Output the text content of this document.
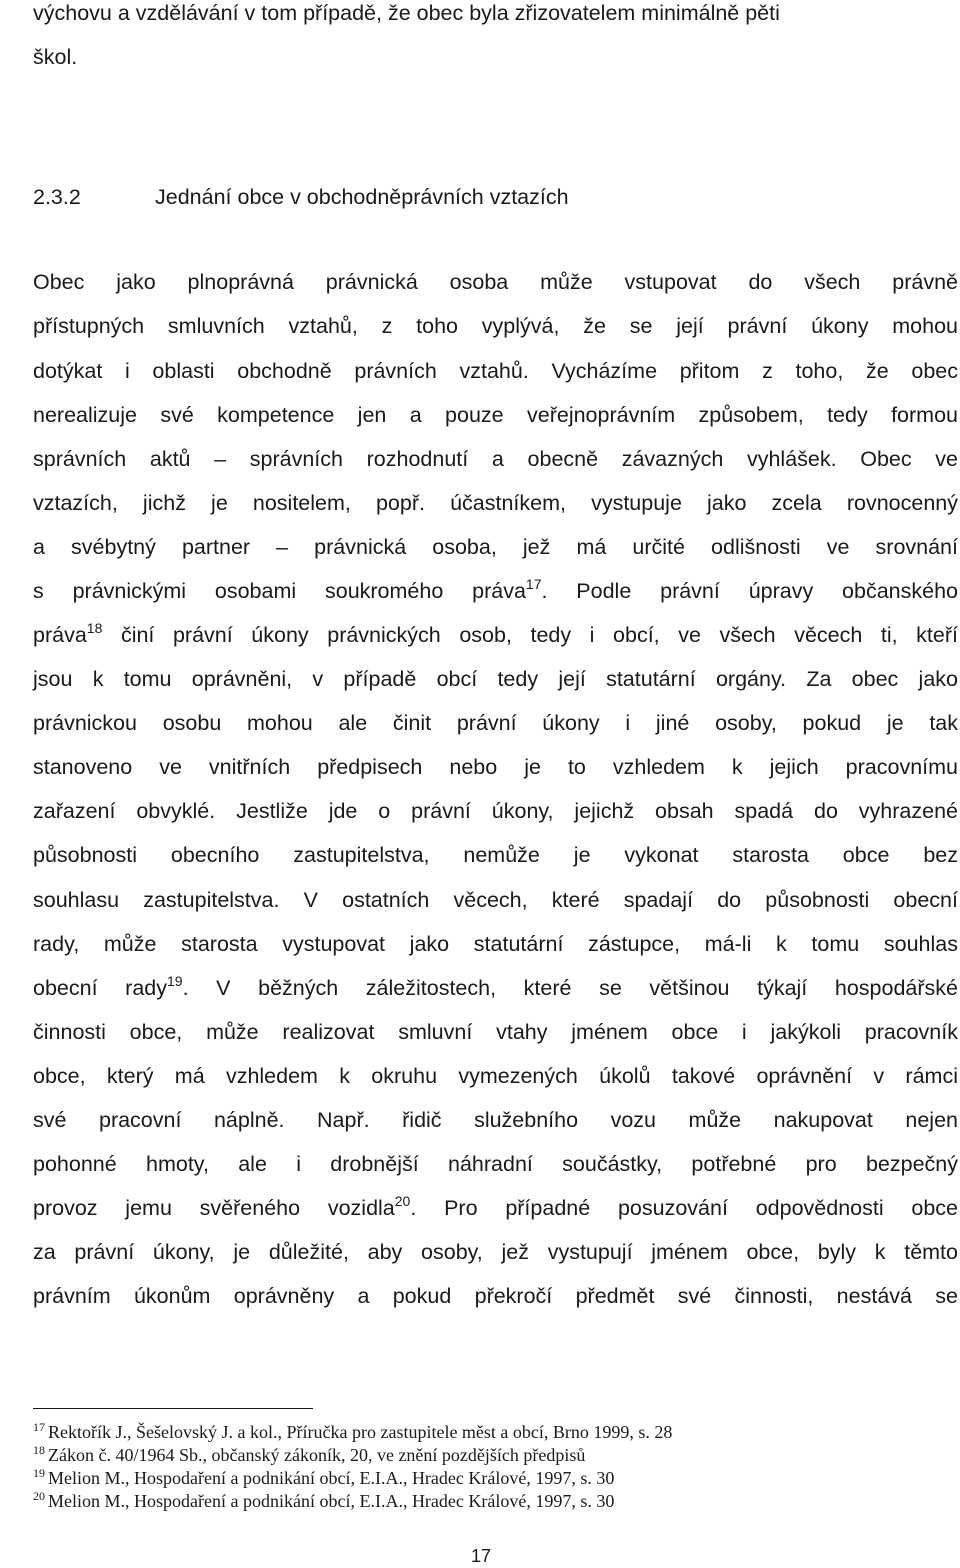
výchovu a vzdělávání v tom případě, že obec byla zřizovatelem minimálně pěti
škol.
2.3.2	Jednání obce v obchodněprávních vztazích
Obec jako plnoprávná právnická osoba může vstupovat do všech právně
přístupných smluvních vztahů, z toho vyplývá, že se její právní úkony mohou
dotýkat i oblasti obchodně právních vztahů. Vycházíme přitom z toho, že obec
nerealizuje své kompetence jen a pouze veřejnoprávním způsobem, tedy formou
správních aktů – správních rozhodnutí a obecně závazných vyhlášek. Obec ve
vztazích, jichž je nositelem, popř. účastníkem, vystupuje jako zcela rovnocenný
a svébytný partner – právnická osoba, jež má určité odlišnosti ve srovnání
s právnickými osobami soukromého práva$^{17}$. Podle právní úpravy občanského
práva$^{18}$ činí právní úkony právnických osob, tedy i obcí, ve všech věcech ti, kteří
jsou k tomu oprávněni, v případě obcí tedy její statutární orgány. Za obec jako
právnickou osobu mohou ale činit právní úkony i jiné osoby, pokud je tak
stanoveno ve vnitřních předpisech nebo je to vzhledem k jejich pracovnímu
zařazení obvyklé. Jestliže jde o právní úkony, jejichž obsah spadá do vyhrazené
působnosti obecního zastupitelstva, nemůže je vykonat starosta obce bez
souhlasu zastupitelstva. V ostatních věcech, které spadají do působnosti obecní
rady, může starosta vystupovat jako statutární zástupce, má-li k tomu souhlas
obecní rady$^{19}$. V běžných záležitostech, které se většinou týkají hospodářské
činnosti obce, může realizovat smluvní vtahy jménem obce i jakýkoli pracovník
obce, který má vzhledem k okruhu vymezených úkolů takové oprávnění v rámci
své pracovní náplně. Např. řidič služebního vozu může nakupovat nejen
pohonné hmoty, ale i drobnější náhradní součástky, potřebné pro bezpečný
provoz jemu svěřeného vozidla$^{20}$. Pro případné posuzování odpovědnosti obce
za právní úkony, je důležité, aby osoby, jež vystupují jménem obce, byly k těmto
právním úkonům oprávněny a pokud překročí předmět své činnosti, nestává se
$^{17}$ Rektořík J., Šešelovský J. a kol., Příručka pro zastupitele měst a obcí, Brno 1999, s. 28
$^{18}$ Zákon č. 40/1964 Sb., občanský zákoník, 20, ve znění pozdějších předpisů
$^{19}$ Melion M., Hospodaření a podnikání obcí, E.I.A., Hradec Králové, 1997, s. 30
$^{20}$ Melion M., Hospodaření a podnikání obcí, E.I.A., Hradec Králové, 1997, s. 30
17
